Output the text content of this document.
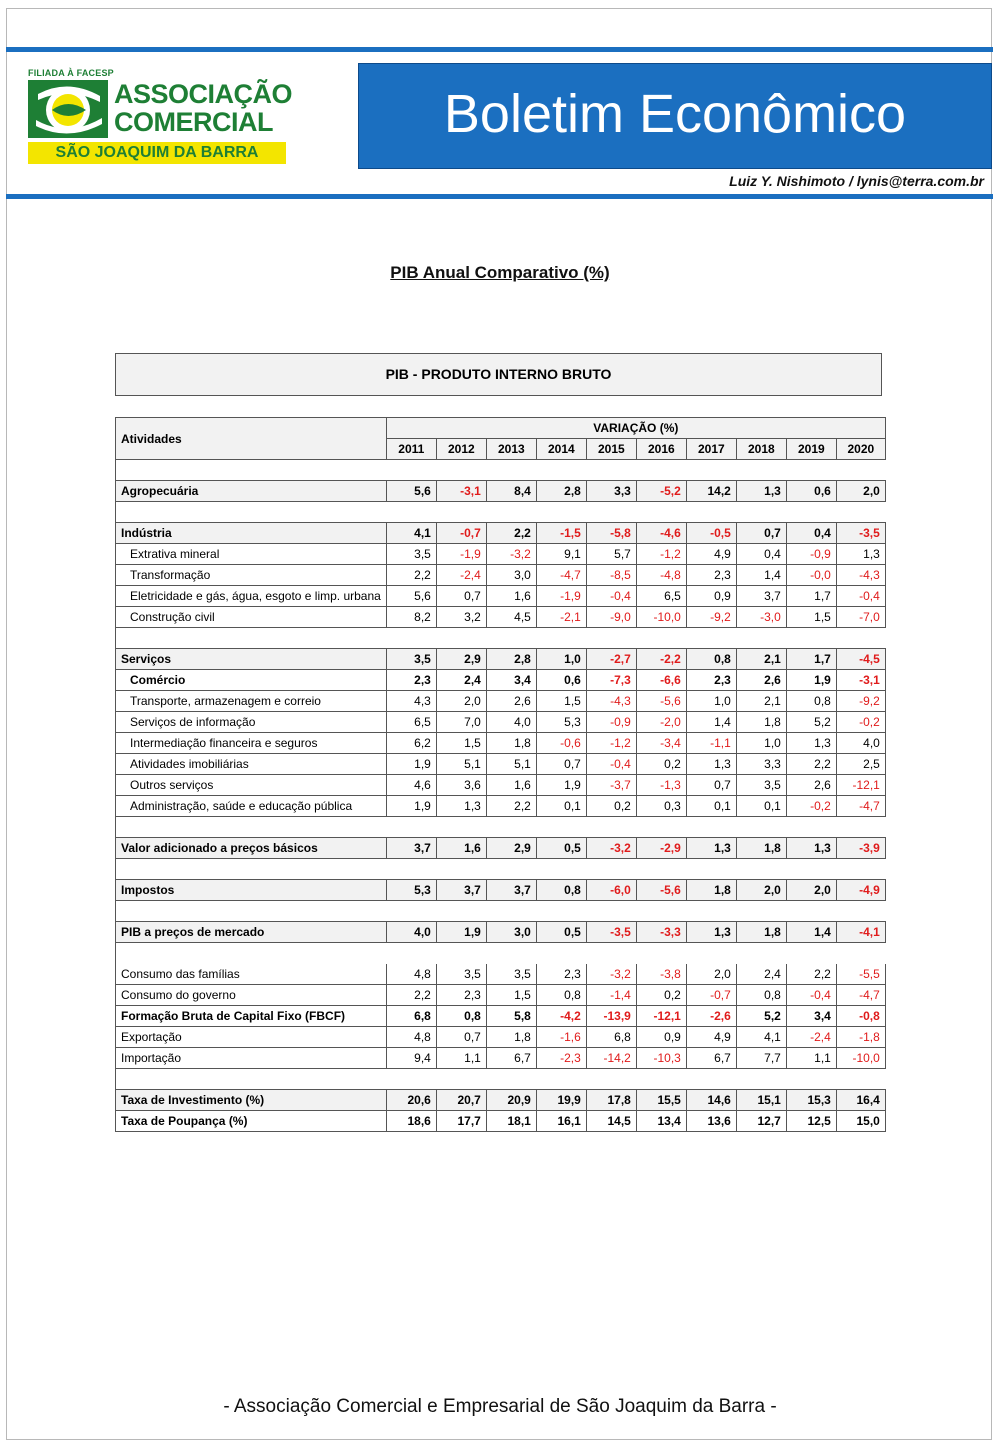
FILIADA À FACESP
ASSOCIAÇÃO
COMERCIAL
SÃO JOAQUIM DA BARRA
Boletim Econômico
Luiz Y. Nishimoto / lynis@terra.com.br
PIB Anual Comparativo (%)
PIB - PRODUTO INTERNO BRUTO
Atividades	VARIAÇÃO (%)									
	2011	2012	2013	2014	2015	2016	2017	2018	2019	2020

Agropecuária	5,6	-3,1	8,4	2,8	3,3	-5,2	14,2	1,3	0,6	2,0

Indústria	4,1	-0,7	2,2	-1,5	-5,8	-4,6	-0,5	0,7	0,4	-3,5
Extrativa mineral	3,5	-1,9	-3,2	9,1	5,7	-1,2	4,9	0,4	-0,9	1,3
Transformação	2,2	-2,4	3,0	-4,7	-8,5	-4,8	2,3	1,4	-0,0	-4,3
Eletricidade e gás, água, esgoto e limp. urbana	5,6	0,7	1,6	-1,9	-0,4	6,5	0,9	3,7	1,7	-0,4
Construção civil	8,2	3,2	4,5	-2,1	-9,0	-10,0	-9,2	-3,0	1,5	-7,0

Serviços	3,5	2,9	2,8	1,0	-2,7	-2,2	0,8	2,1	1,7	-4,5
Comércio	2,3	2,4	3,4	0,6	-7,3	-6,6	2,3	2,6	1,9	-3,1
Transporte, armazenagem e correio	4,3	2,0	2,6	1,5	-4,3	-5,6	1,0	2,1	0,8	-9,2
Serviços de informação	6,5	7,0	4,0	5,3	-0,9	-2,0	1,4	1,8	5,2	-0,2
Intermediação financeira e seguros	6,2	1,5	1,8	-0,6	-1,2	-3,4	-1,1	1,0	1,3	4,0
Atividades imobiliárias	1,9	5,1	5,1	0,7	-0,4	0,2	1,3	3,3	2,2	2,5
Outros serviços	4,6	3,6	1,6	1,9	-3,7	-1,3	0,7	3,5	2,6	-12,1
Administração, saúde e educação pública	1,9	1,3	2,2	0,1	0,2	0,3	0,1	0,1	-0,2	-4,7

Valor adicionado a preços básicos	3,7	1,6	2,9	0,5	-3,2	-2,9	1,3	1,8	1,3	-3,9

Impostos	5,3	3,7	3,7	0,8	-6,0	-5,6	1,8	2,0	2,0	-4,9

PIB a preços de mercado	4,0	1,9	3,0	0,5	-3,5	-3,3	1,3	1,8	1,4	-4,1

Consumo das famílias	4,8	3,5	3,5	2,3	-3,2	-3,8	2,0	2,4	2,2	-5,5
Consumo do governo	2,2	2,3	1,5	0,8	-1,4	0,2	-0,7	0,8	-0,4	-4,7
Formação Bruta de Capital Fixo (FBCF)	6,8	0,8	5,8	-4,2	-13,9	-12,1	-2,6	5,2	3,4	-0,8
Exportação	4,8	0,7	1,8	-1,6	6,8	0,9	4,9	4,1	-2,4	-1,8
Importação	9,4	1,1	6,7	-2,3	-14,2	-10,3	6,7	7,7	1,1	-10,0

Taxa de Investimento (%)	20,6	20,7	20,9	19,9	17,8	15,5	14,6	15,1	15,3	16,4
Taxa de Poupança (%)	18,6	17,7	18,1	16,1	14,5	13,4	13,6	12,7	12,5	15,0
- Associação Comercial e Empresarial de São Joaquim da Barra -
